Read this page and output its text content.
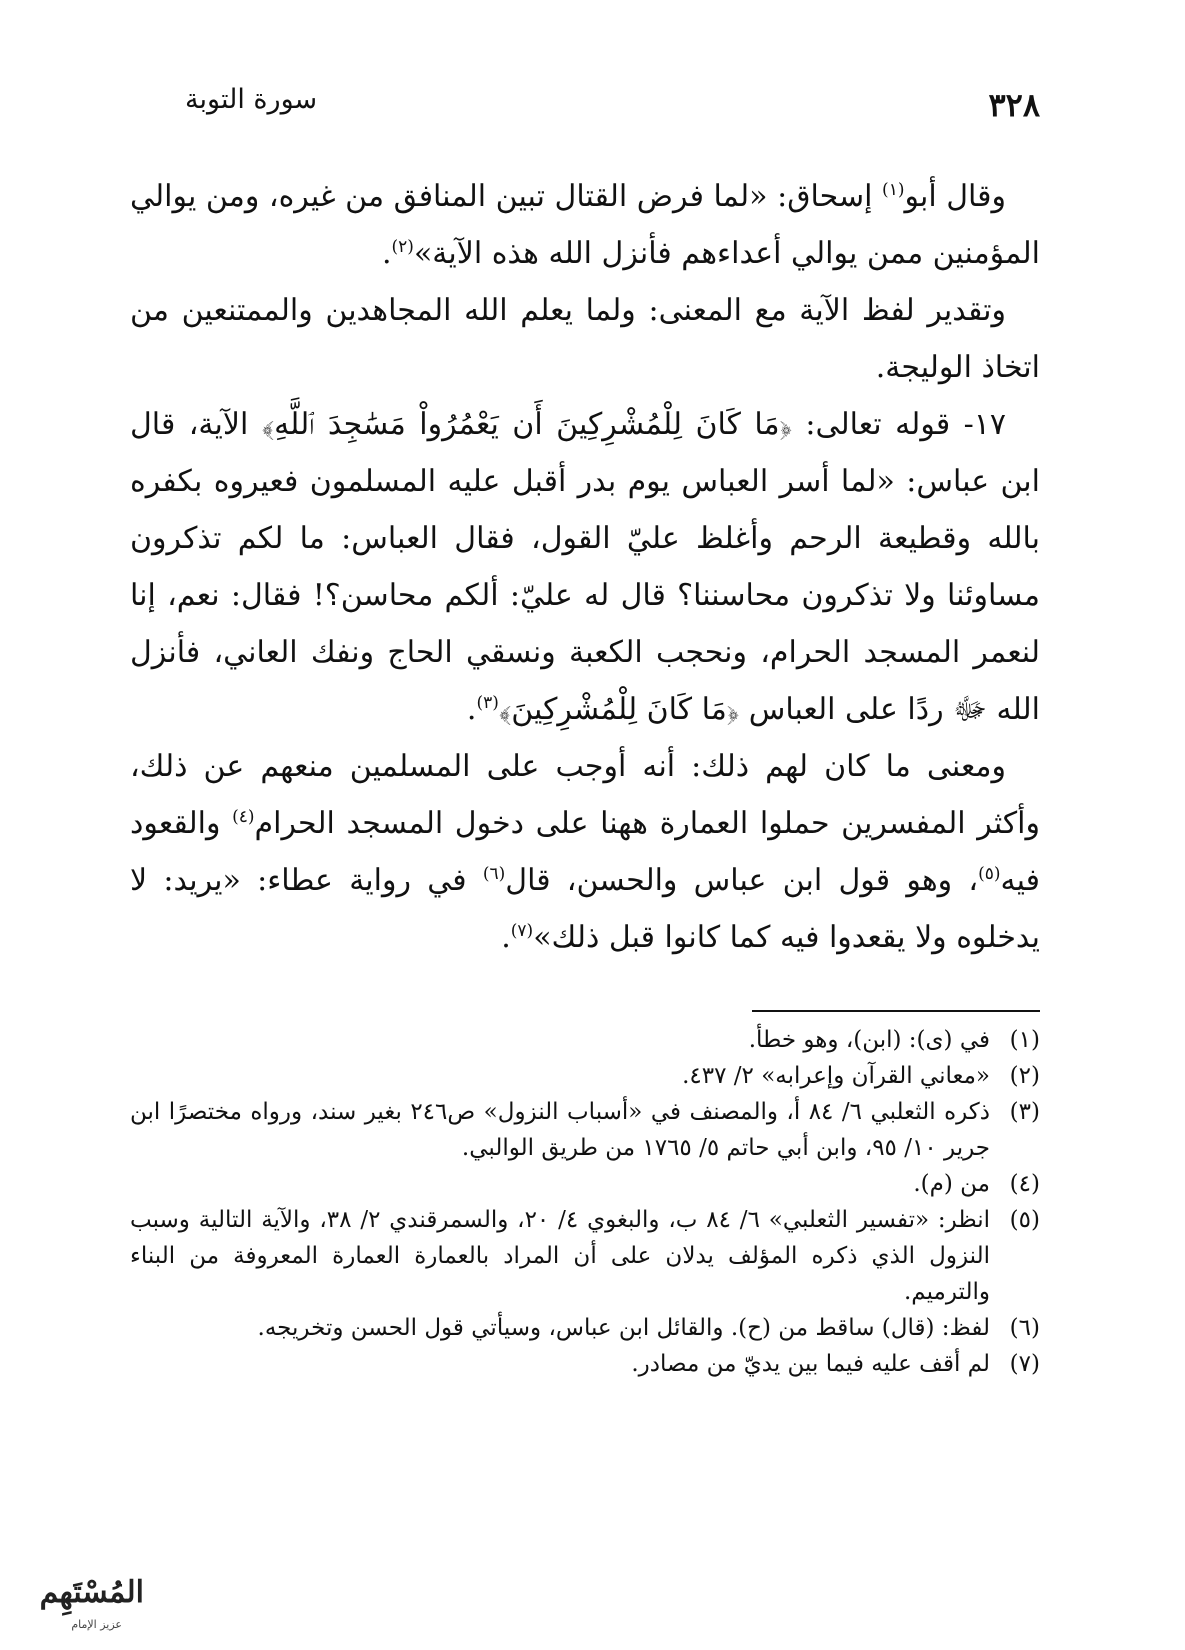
٣٢٨
سورة التوبة

وقال أبو$^{(١)}$ إسحاق: «لما فرض القتال تبين المنافق من غيره، ومن يوالي المؤمنين ممن يوالي أعداءهم فأنزل الله هذه الآية»$^{(٢)}$.

وتقدير لفظ الآية مع المعنى: ولما يعلم الله المجاهدين والممتنعين من اتخاذ الوليجة.

١٧- قوله تعالى: ﴿مَا كَانَ لِلْمُشْرِكِينَ أَن يَعْمُرُواْ مَسَٰجِدَ ٱللَّهِ﴾ الآية، قال ابن عباس: «لما أسر العباس يوم بدر أقبل عليه المسلمون فعيروه بكفره بالله وقطيعة الرحم وأغلظ عليّ القول، فقال العباس: ما لكم تذكرون مساوئنا ولا تذكرون محاسننا؟ قال له عليّ: ألكم محاسن؟! فقال: نعم، إنا لنعمر المسجد الحرام، ونحجب الكعبة ونسقي الحاج ونفك العاني، فأنزل الله ﷻ ردًا على العباس ﴿مَا كَانَ لِلْمُشْرِكِينَ﴾$^{(٣)}$.

ومعنى ما كان لهم ذلك: أنه أوجب على المسلمين منعهم عن ذلك، وأكثر المفسرين حملوا العمارة ههنا على دخول المسجد الحرام$^{(٤)}$ والقعود فيه$^{(٥)}$، وهو قول ابن عباس والحسن، قال$^{(٦)}$ في رواية عطاء: «يريد: لا يدخلوه ولا يقعدوا فيه كما كانوا قبل ذلك»$^{(٧)}$.

(١)
في (ى): (ابن)، وهو خطأ.
(٢)
«معاني القرآن وإعرابه» ٢/ ٤٣٧.
(٣)
ذكره الثعلبي ٦/ ٨٤ أ، والمصنف في «أسباب النزول» ص٢٤٦ بغير سند، ورواه مختصرًا ابن جرير ١٠/ ٩٥، وابن أبي حاتم ٥/ ١٧٦٥ من طريق الوالبي.
(٤)
من (م).
(٥)
انظر: «تفسير الثعلبي» ٦/ ٨٤ ب، والبغوي ٤/ ٢٠، والسمرقندي ٢/ ٣٨، والآية التالية وسبب النزول الذي ذكره المؤلف يدلان على أن المراد بالعمارة العمارة المعروفة من البناء والترميم.
(٦)
لفظ: (قال) ساقط من (ح). والقائل ابن عباس، وسيأتي قول الحسن وتخريجه.
(٧)
لم أقف عليه فيما بين يديّ من مصادر.
المُسْتَهِم
عزيز الإمام
